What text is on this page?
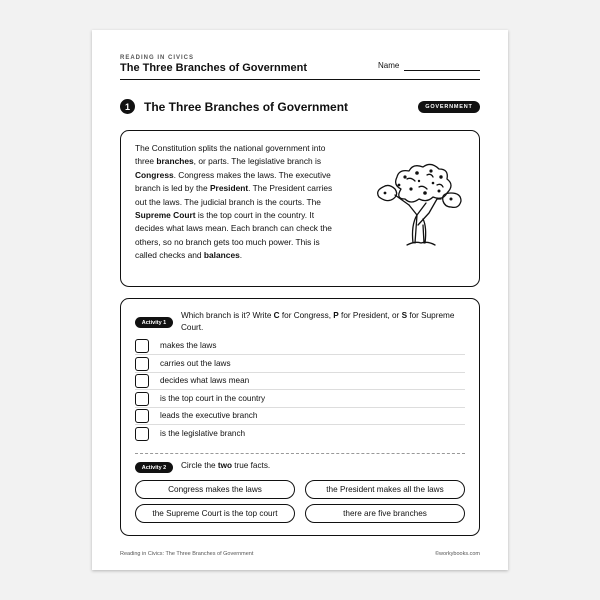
READING IN CIVICS
The Three Branches of Government	Name
1	The Three Branches of Government	GOVERNMENT
The Constitution splits the national government into three branches, or parts. The legislative branch is Congress. Congress makes the laws. The executive branch is led by the President. The President carries out the laws. The judicial branch is the courts. The Supreme Court is the top court in the country. It decides what laws mean. Each branch can check the others, so no branch gets too much power. This is called checks and balances.
Activity 1
Which branch is it? Write C for Congress, P for President, or S for Supreme Court.
makes the laws
carries out the laws
decides what laws mean
is the top court in the country
leads the executive branch
is the legislative branch
Activity 2	Circle the two true facts.
Congress makes the laws	the President makes all the laws
the Supreme Court is the top court	there are five branches
Reading in Civics: The Three Branches of Government	©workybooks.com
